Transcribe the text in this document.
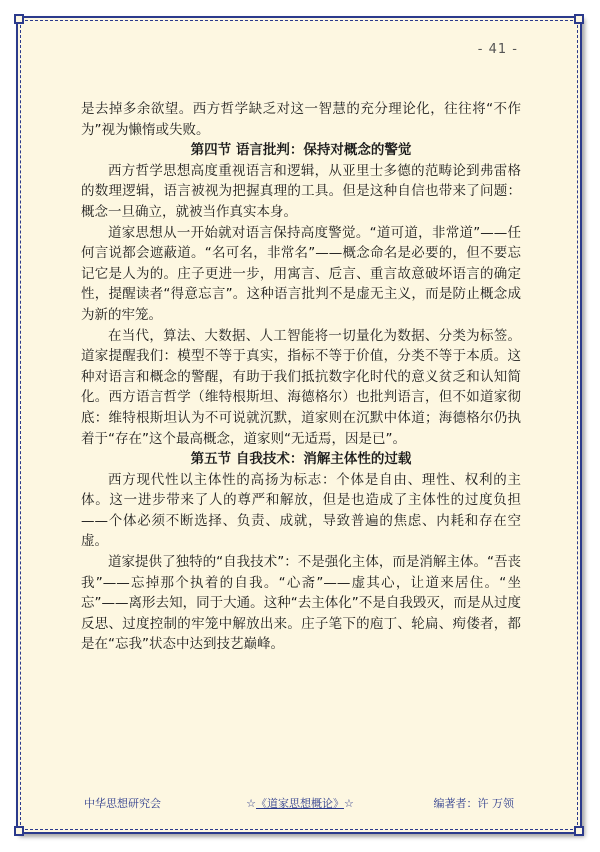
- 41 -

是去掉多余欲望。西方哲学缺乏对这一智慧的充分理论化，往往将“不作为”视为懒惰或失败。

第四节 语言批判：保持对概念的警觉

西方哲学思想高度重视语言和逻辑，从亚里士多德的范畴论到弗雷格的数理逻辑，语言被视为把握真理的工具。但是这种自信也带来了问题：概念一旦确立，就被当作真实本身。

道家思想从一开始就对语言保持高度警觉。“道可道，非常道”——任何言说都会遮蔽道。“名可名，非常名”——概念命名是必要的，但不要忘记它是人为的。庄子更进一步，用寓言、卮言、重言故意破坏语言的确定性，提醒读者“得意忘言”。这种语言批判不是虚无主义，而是防止概念成为新的牢笼。

在当代，算法、大数据、人工智能将一切量化为数据、分类为标签。道家提醒我们：模型不等于真实，指标不等于价值，分类不等于本质。这种对语言和概念的警醒，有助于我们抵抗数字化时代的意义贫乏和认知简化。西方语言哲学（维特根斯坦、海德格尔）也批判语言，但不如道家彻底：维特根斯坦认为不可说就沉默，道家则在沉默中体道；海德格尔仍执着于“存在”这个最高概念，道家则“无适焉，因是已”。

第五节 自我技术：消解主体性的过载

西方现代性以主体性的高扬为标志：个体是自由、理性、权利的主体。这一进步带来了人的尊严和解放，但是也造成了主体性的过度负担——个体必须不断选择、负责、成就，导致普遍的焦虑、内耗和存在空虚。

道家提供了独特的“自我技术”：不是强化主体，而是消解主体。“吾丧我”——忘掉那个执着的自我。“心斋”——虚其心，让道来居住。“坐忘”——离形去知，同于大通。这种“去主体化”不是自我毁灭，而是从过度反思、过度控制的牢笼中解放出来。庄子笔下的庖丁、轮扁、痀偻者，都是在“忘我”状态中达到技艺巅峰。

中华思想研究会	☆《道家思想概论》☆	编著者：许 万领
